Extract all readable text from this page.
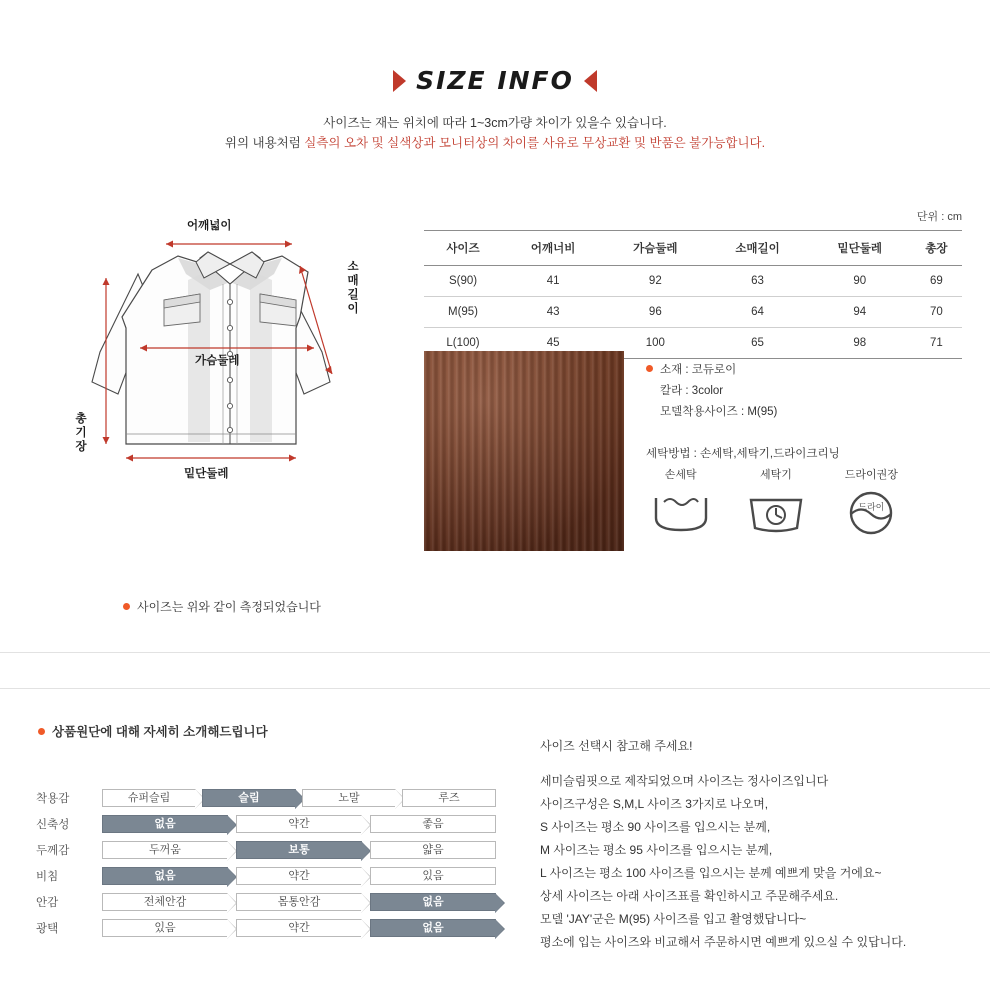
SIZE INFO
사이즈는 재는 위치에 따라 1~3cm가량 차이가 있을수 있습니다.
위의 내용처럼 실측의 오차 및 실색상과 모니터상의 차이를 사유로 무상교환 및 반품은 불가능합니다.
단위 : cm
어깨넓이
소매길이
가슴둘레
총기장
밑단둘레
사이즈	어깨너비	가슴둘레	소매길이	밑단둘레	총장
S(90)	41	92	63	90	69
M(95)	43	96	64	94	70
L(100)	45	100	65	98	71
소재 : 코듀로이
칼라 : 3color
모델착용사이즈 : M(95)
세탁방법 : 손세탁,세탁기,드라이크리닝
손세탁	세탁기	드라이권장
드라이
사이즈는 위와 같이 측정되었습니다
상품원단에 대해 자세히 소개해드립니다
사이즈 선택시 참고해 주세요!
세미슬림핏으로 제작되었으며 사이즈는 정사이즈입니다
사이즈구성은 S,M,L 사이즈 3가지로 나오며,
S 사이즈는 평소 90 사이즈를 입으시는 분께,
M 사이즈는 평소 95 사이즈를 입으시는 분께,
L 사이즈는 평소 100 사이즈를 입으시는 분께 예쁘게 맞을 거에요~
상세 사이즈는 아래 사이즈표를 확인하시고 주문해주세요.
모델 'JAY'군은 M(95) 사이즈를 입고 촬영했답니다~
평소에 입는 사이즈와 비교해서 주문하시면 예쁘게 있으실 수 있답니다.
착용감	슈퍼슬림	슬림	노말	루즈
신축성	없음	약간	좋음
두께감	두꺼움	보통	얇음
비침	없음	약간	있음
안감	전체안감	몸통안감	없음
광택	있음	약간	없음
